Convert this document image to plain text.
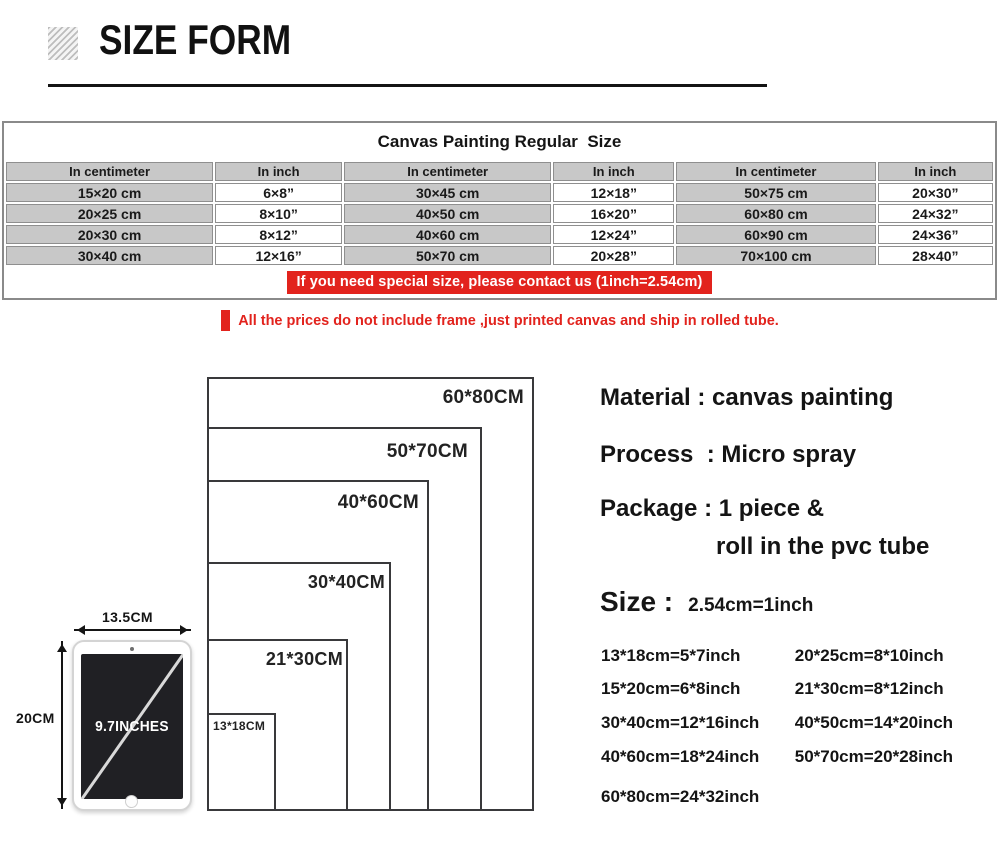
SIZE FORM
Canvas Painting Regular  Size
In centimeter	In inch	In centimeter	In inch	In centimeter	In inch
15×20 cm	6×8”	30×45 cm	12×18”	50×75 cm	20×30”
20×25 cm	8×10”	40×50 cm	16×20”	60×80 cm	24×32”
20×30 cm	8×12”	40×60 cm	12×24”	60×90 cm	24×36”
30×40 cm	12×16”	50×70 cm	20×28”	70×100 cm	28×40”
If you need special size, please contact us (1inch=2.54cm)
All the prices do not include frame ,just printed canvas and ship in rolled tube.
60*80CM
50*70CM
40*60CM
30*40CM
21*30CM
13*18CM
9.7INCHES
13.5CM
20CM
Material : canvas painting
Process  : Micro spray
Package : 1 piece &
roll in the pvc tube
Size : 2.54cm=1inch
13*18cm=5*7inch	20*25cm=8*10inch
15*20cm=6*8inch	21*30cm=8*12inch
30*40cm=12*16inch 40*50cm=14*20inch
40*60cm=18*24inch 50*70cm=20*28inch
60*80cm=24*32inch
